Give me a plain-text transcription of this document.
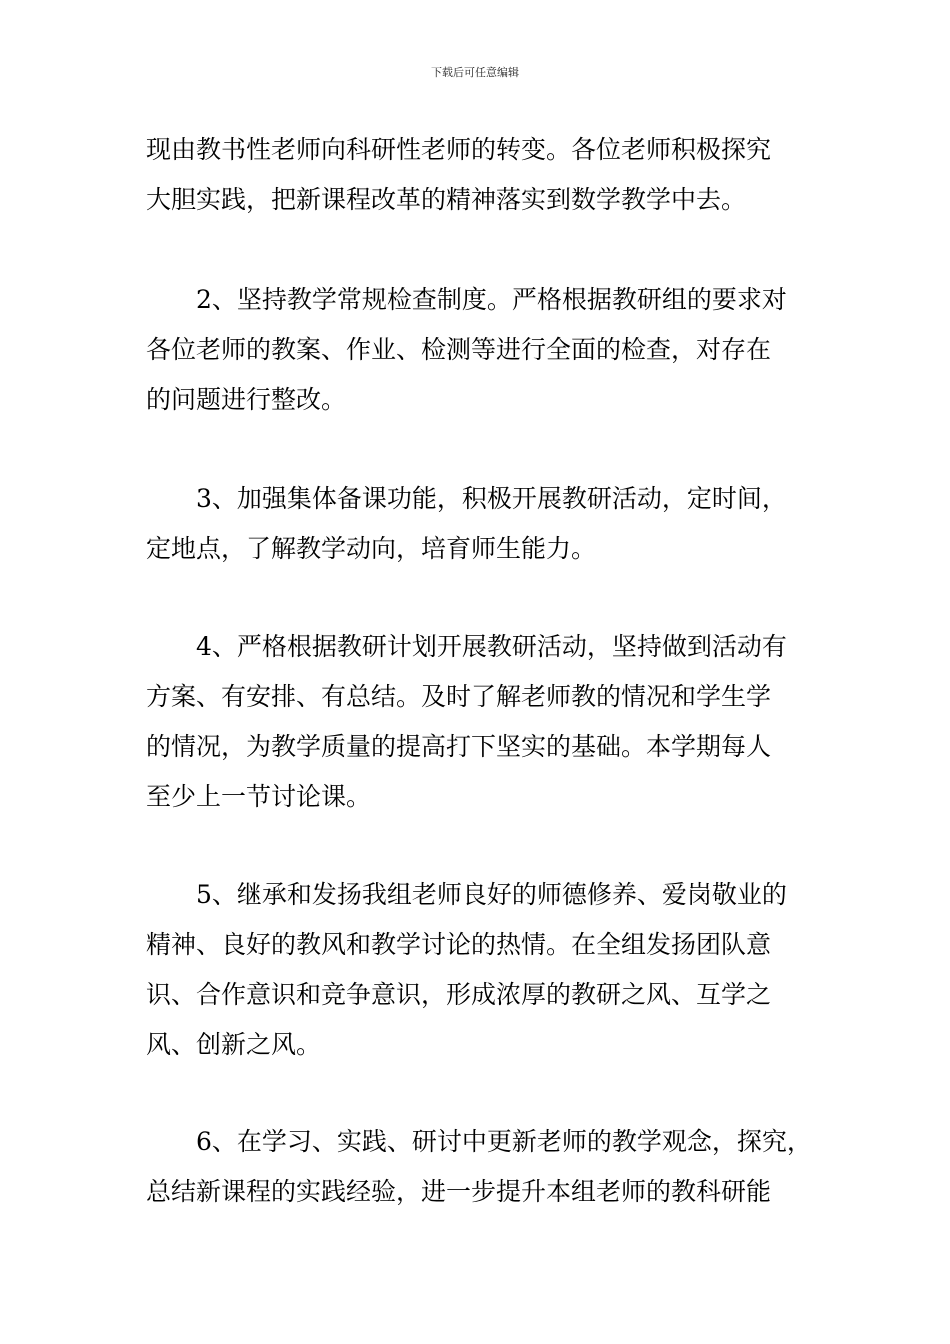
下载后可任意编辑
现由教书性老师向科研性老师的转变。各位老师积极探究
大胆实践，把新课程改革的精神落实到数学教学中去。
2、坚持教学常规检查制度。严格根据教研组的要求对
各位老师的教案、作业、检测等进行全面的检查，对存在
的问题进行整改。
3、加强集体备课功能，积极开展教研活动，定时间，
定地点，了解教学动向，培育师生能力。
4、严格根据教研计划开展教研活动，坚持做到活动有
方案、有安排、有总结。及时了解老师教的情况和学生学
的情况，为教学质量的提高打下坚实的基础。本学期每人
至少上一节讨论课。
5、继承和发扬我组老师良好的师德修养、爱岗敬业的
精神、良好的教风和教学讨论的热情。在全组发扬团队意
识、合作意识和竞争意识，形成浓厚的教研之风、互学之
风、创新之风。
6、在学习、实践、研讨中更新老师的教学观念，探究，
总结新课程的实践经验，进一步提升本组老师的教科研能
